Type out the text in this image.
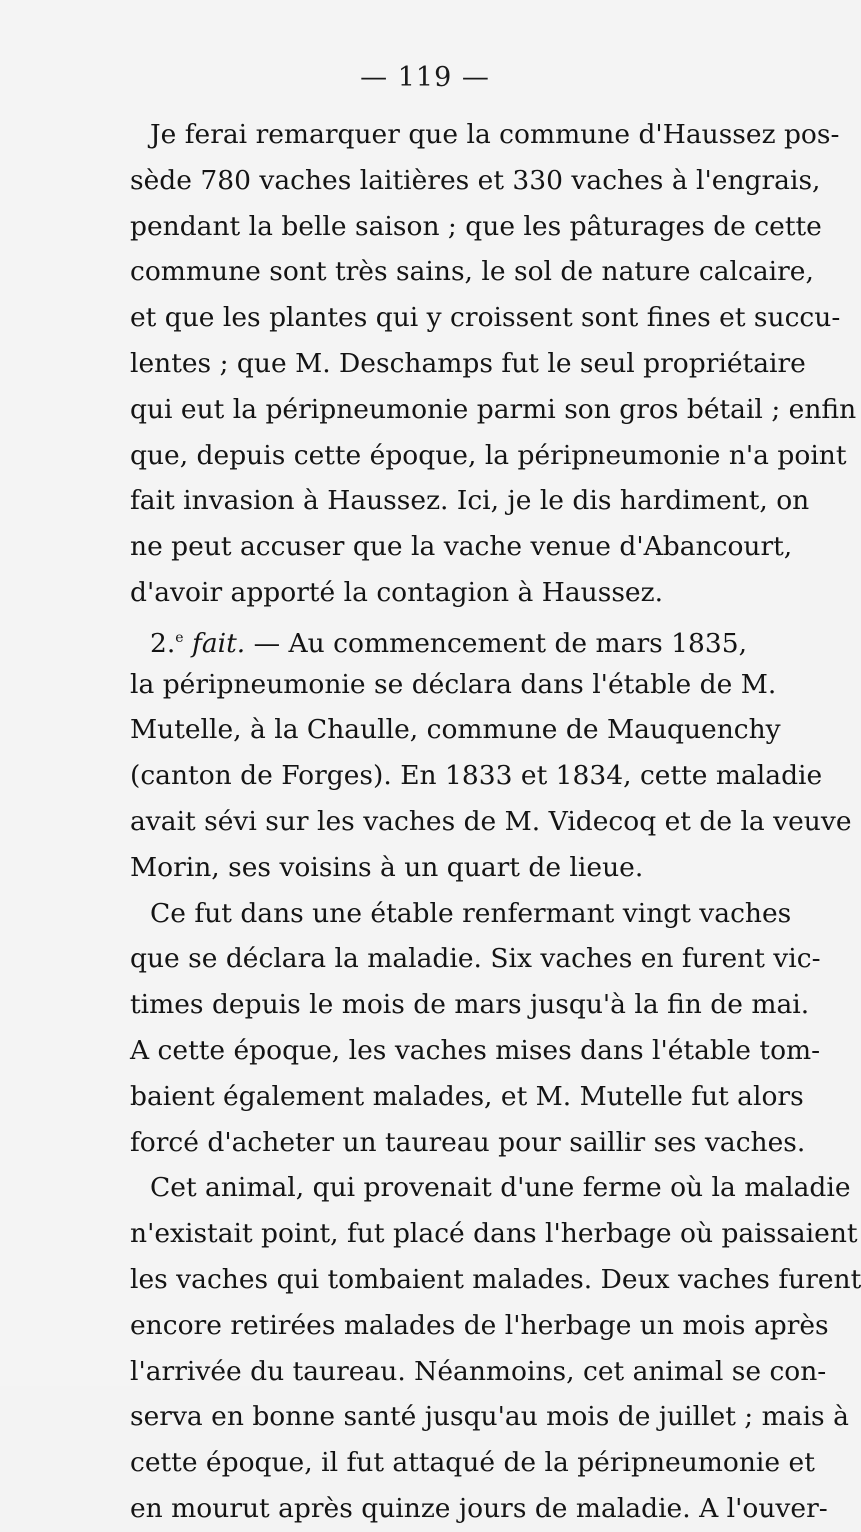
— 119 —
Je ferai remarquer que la commune d'Haussez pos-
sède 780 vaches laitières et 330 vaches à l'engrais,
pendant la belle saison ; que les pâturages de cette
commune sont très sains, le sol de nature calcaire,
et que les plantes qui y croissent sont fines et succu-
lentes ; que M. Deschamps fut le seul propriétaire
qui eut la péripneumonie parmi son gros bétail ; enfin
que, depuis cette époque, la péripneumonie n'a point
fait invasion à Haussez. Ici, je le dis hardiment, on
ne peut accuser que la vache venue d'Abancourt,
d'avoir apporté la contagion à Haussez.
2.$^e$ fait. — Au commencement de mars 1835,
la péripneumonie se déclara dans l'étable de M.
Mutelle, à la Chaulle, commune de Mauquenchy
(canton de Forges). En 1833 et 1834, cette maladie
avait sévi sur les vaches de M. Videcoq et de la veuve
Morin, ses voisins à un quart de lieue.
Ce fut dans une étable renfermant vingt vaches
que se déclara la maladie. Six vaches en furent vic-
times depuis le mois de mars jusqu'à la fin de mai.
A cette époque, les vaches mises dans l'étable tom-
baient également malades, et M. Mutelle fut alors
forcé d'acheter un taureau pour saillir ses vaches.
Cet animal, qui provenait d'une ferme où la maladie
n'existait point, fut placé dans l'herbage où paissaient
les vaches qui tombaient malades. Deux vaches furent
encore retirées malades de l'herbage un mois après
l'arrivée du taureau. Néanmoins, cet animal se con-
serva en bonne santé jusqu'au mois de juillet ; mais à
cette époque, il fut attaqué de la péripneumonie et
en mourut après quinze jours de maladie. A l'ouver-
